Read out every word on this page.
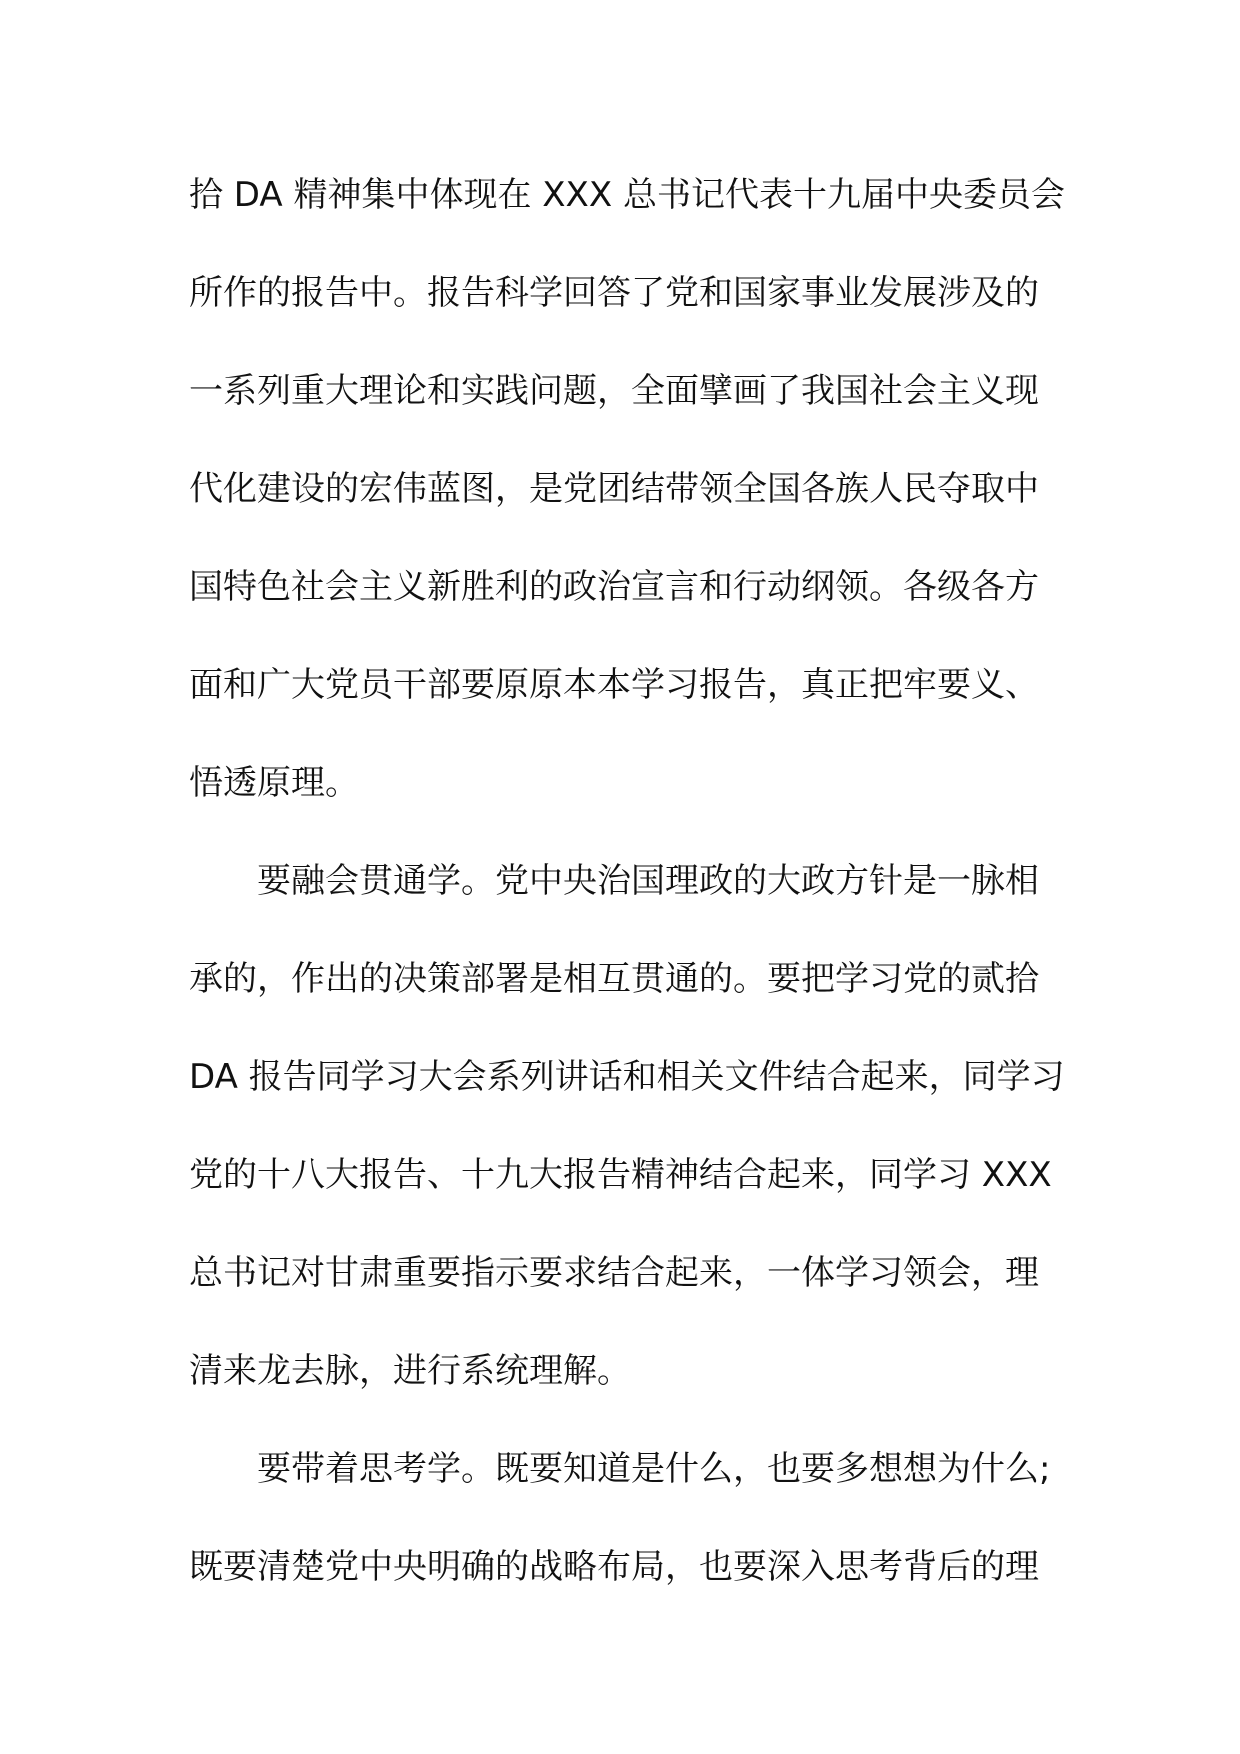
拾 DA 精神集中体现在 XXX 总书记代表十九届中央委员会
所作的报告中。报告科学回答了党和国家事业发展涉及的
一系列重大理论和实践问题，全面擘画了我国社会主义现
代化建设的宏伟蓝图，是党团结带领全国各族人民夺取中
国特色社会主义新胜利的政治宣言和行动纲领。各级各方
面和广大党员干部要原原本本学习报告，真正把牢要义、
悟透原理。
要融会贯通学。党中央治国理政的大政方针是一脉相
承的，作出的决策部署是相互贯通的。要把学习党的贰拾
DA 报告同学习大会系列讲话和相关文件结合起来，同学习
党的十八大报告、十九大报告精神结合起来，同学习 XXX
总书记对甘肃重要指示要求结合起来，一体学习领会，理
清来龙去脉，进行系统理解。
要带着思考学。既要知道是什么，也要多想想为什么;
既要清楚党中央明确的战略布局，也要深入思考背后的理
